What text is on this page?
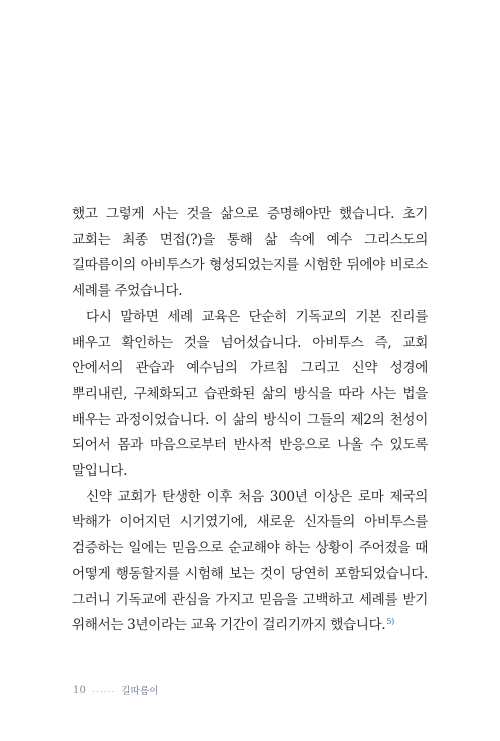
했고 그렇게 사는 것을 삶으로 증명해야만 했습니다. 초기 교회는 최종 면접(?)을 통해 삶 속에 예수 그리스도의 길따름이의 아비투스가 형성되었는지를 시험한 뒤에야 비로소 세례를 주었습니다.

다시 말하면 세례 교육은 단순히 기독교의 기본 진리를 배우고 확인하는 것을 넘어섰습니다. 아비투스 즉, 교회 안에서의 관습과 예수님의 가르침 그리고 신약 성경에 뿌리내린, 구체화되고 습관화된 삶의 방식을 따라 사는 법을 배우는 과정이었습니다. 이 삶의 방식이 그들의 제2의 천성이 되어서 몸과 마음으로부터 반사적 반응으로 나올 수 있도록 말입니다.

신약 교회가 탄생한 이후 처음 300년 이상은 로마 제국의 박해가 이어지던 시기였기에, 새로운 신자들의 아비투스를 검증하는 일에는 믿음으로 순교해야 하는 상황이 주어졌을 때 어떻게 행동할지를 시험해 보는 것이 당연히 포함되었습니다. 그러니 기독교에 관심을 가지고 믿음을 고백하고 세례를 받기 위해서는 3년이라는 교육 기간이 걸리기까지 했습니다.$^{5)}$

10 ...... 길따름이
